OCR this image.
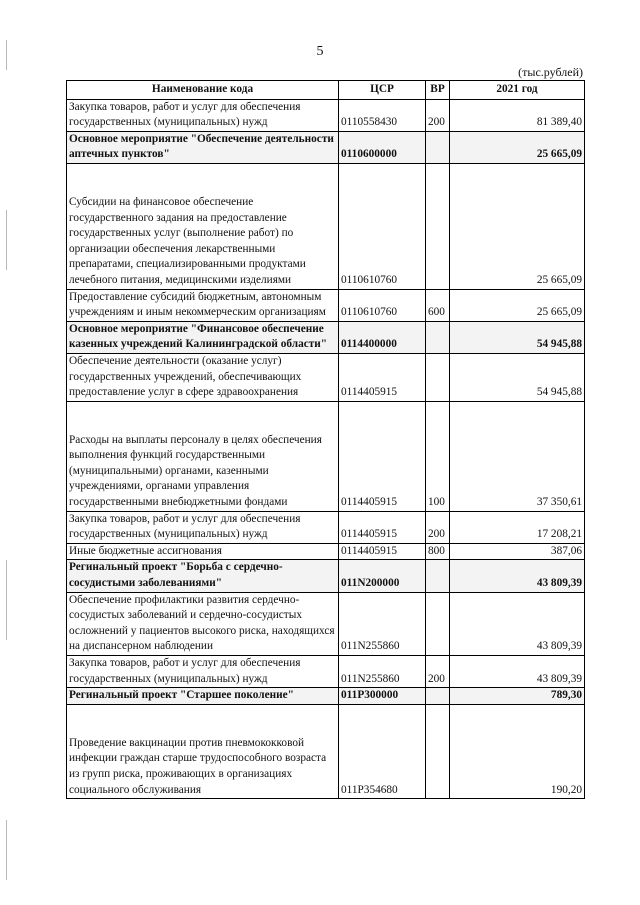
5
(тыс.рублей)
Наименование кода	ЦСР	ВР	2021 год
Закупка товаров, работ и услуг для обеспечения государственных (муниципальных) нужд	0110558430	200	81 389,40
Основное мероприятие "Обеспечение деятельности аптечных пунктов"	0110600000		25 665,09

Субсидии на финансовое обеспечение государственного задания на предоставление государственных услуг (выполнение работ) по организации обеспечения лекарственными препаратами, специализированными продуктами лечебного питания, медицинскими изделиями	0110610760		25 665,09
Предоставление субсидий бюджетным, автономным учреждениям и иным некоммерческим организациям	0110610760	600	25 665,09
Основное мероприятие "Финансовое обеспечение казенных учреждений Калининградской области"	0114400000		54 945,88
Обеспечение деятельности (оказание услуг) государственных учреждений, обеспечивающих предоставление услуг в сфере здравоохранения	0114405915		54 945,88

Расходы на выплаты персоналу в целях обеспечения выполнения функций государственными (муниципальными) органами, казенными учреждениями, органами управления государственными внебюджетными фондами	0114405915	100	37 350,61
Закупка товаров, работ и услуг для обеспечения государственных (муниципальных) нужд	0114405915	200	17 208,21
Иные бюджетные ассигнования	0114405915	800	387,06
Регинальный проект "Борьба с сердечно-сосудистыми заболеваниями"	011N200000		43 809,39
Обеспечение профилактики развития сердечно-сосудистых заболеваний и сердечно-сосудистых осложнений у пациентов высокого риска, находящихся на диспансерном наблюдении	011N255860		43 809,39
Закупка товаров, работ и услуг для обеспечения государственных (муниципальных) нужд	011N255860	200	43 809,39
Регинальный проект "Старшее поколение"	011P300000		789,30

Проведение вакцинации против пневмококковой инфекции граждан старше трудоспособного возраста из групп риска, проживающих в организациях социального обслуживания	011P354680		190,20
